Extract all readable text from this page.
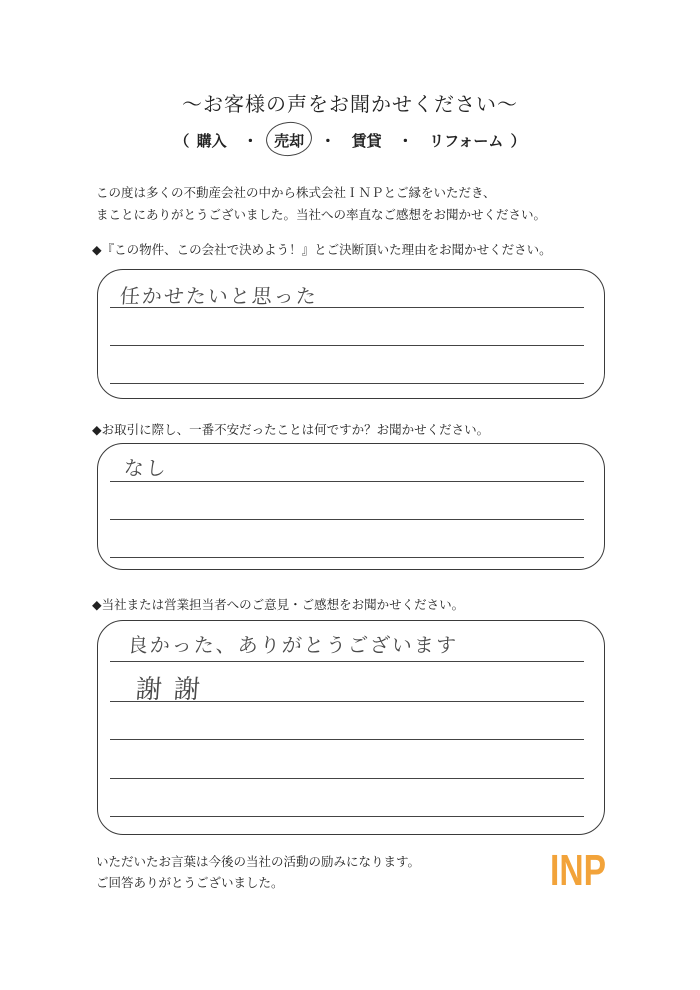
～お客様の声をお聞かせください～
（ 購入 ・ 売却 ・ 賃貸 ・ リフォーム ）
この度は多くの不動産会社の中から株式会社ＩＮＰとご縁をいただき、
まことにありがとうございました。当社への率直なご感想をお聞かせください。
◆『この物件、この会社で決めよう！』とご決断頂いた理由をお聞かせください。
任かせたいと思った
◆お取引に際し、一番不安だったことは何ですか？お聞かせください。
なし
◆当社または営業担当者へのご意見・ご感想をお聞かせください。
良かった、ありがとうございます
謝謝
いただいたお言葉は今後の当社の活動の励みになります。
ご回答ありがとうございました。	INP
